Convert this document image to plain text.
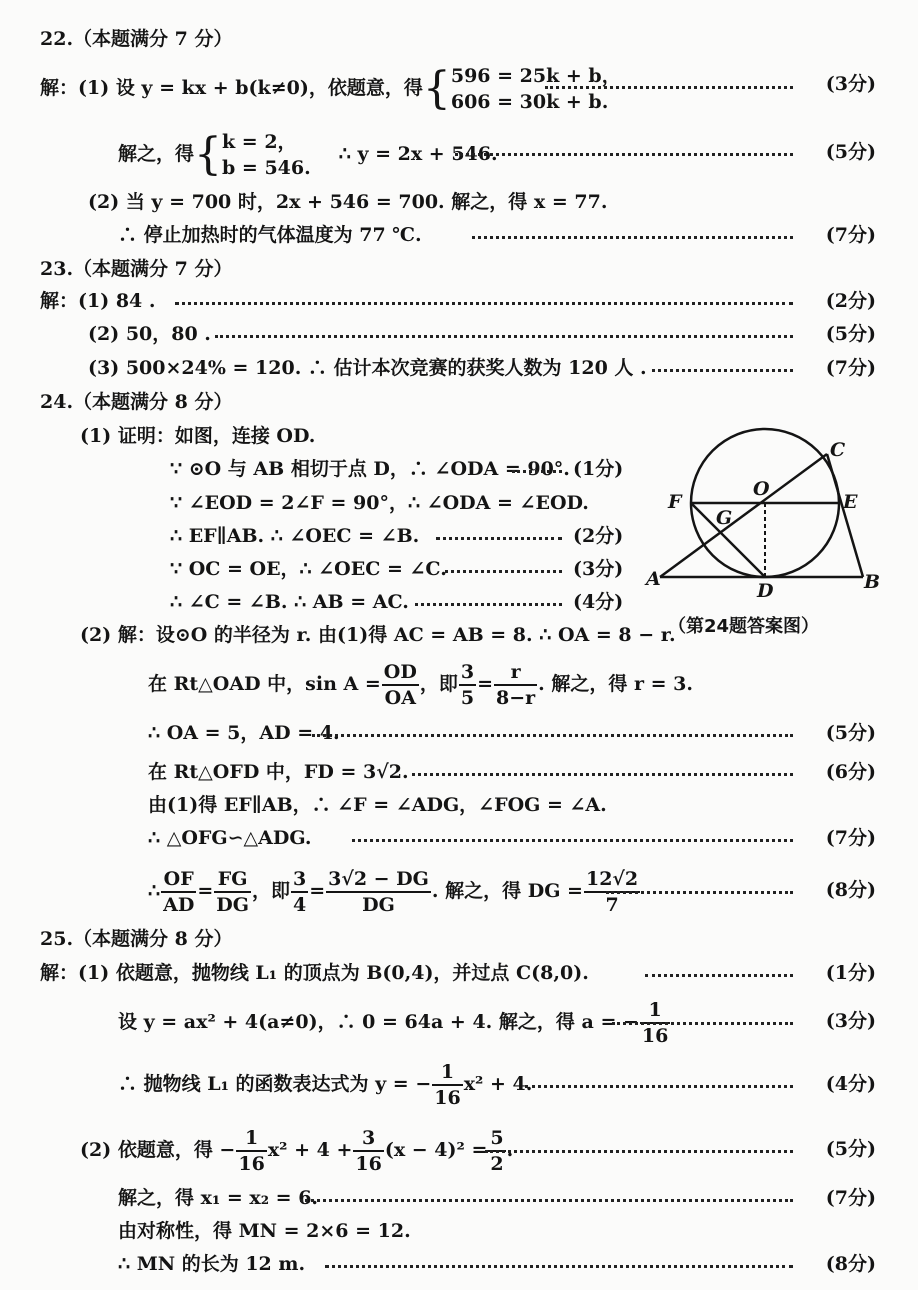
22.（本题满分 7 分）
解：(1) 设 y = kx + b(k≠0)，依题意，得{ 596 = 25k + b，
606 = 30k + b.
(3分)
解之，得{ k = 2，
b = 546.
∴ y = 2x + 546.	(5分)
(2) 当 y = 700 时，2x + 546 = 700. 解之，得 x = 77.
∴ 停止加热时的气体温度为 77 ℃.	(7分)
23.（本题满分 7 分）
解：(1) 84 .	(2分)
(2) 50，80 .	(5分)
(3) 500×24% = 120. ∴ 估计本次竞赛的获奖人数为 120 人 .	(7分)
24.（本题满分 8 分）
(1) 证明：如图，连接 OD.
∵ ⊙O 与 AB 相切于点 D，∴ ∠ODA = 90°. (1分)
∵ ∠EOD = 2∠F = 90°，∴ ∠ODA = ∠EOD.
∴ EF∥AB. ∴ ∠OEC = ∠B.	(2分)
∵ OC = OE，∴ ∠OEC = ∠C.	(3分)
∴ ∠C = ∠B. ∴ AB = AC.	(4分)
C
O
F	E
G
A
D	B
（第24题答案图）
(2) 解：设⊙O 的半径为 r. 由(1)得 AC = AB = 8. ∴ OA = 8 − r.
在 Rt△OAD 中，$\sin A = \frac{OD}{OA}$ ，即 $\frac{3}{5} = \frac{r}{8-r}$ . 解之，得 r = 3.
∴ OA = 5，AD = 4.	(5分)
在 Rt△OFD 中，FD = 3√2.	(6分)
由(1)得 EF∥AB，∴ ∠F = ∠ADG，∠FOG = ∠A.
∴ △OFG∽△ADG.	(7分)
∴ $\frac{OF}{AD} = \frac{FG}{DG}$ ，即 $\frac{3}{4} = \frac{3√2 - DG}{DG}$ . 解之，得 DG = $\frac{12√2}{7}$	(8分)
25.（本题满分 8 分）
解：(1) 依题意，抛物线 L₁ 的顶点为 B(0,4)，并过点 C(8,0).	(1分)
设 y = ax² + 4(a≠0)，∴ 0 = 64a + 4. 解之，得 a = − $\frac{1}{16}$	(3分)
∴ 抛物线 L₁ 的函数表达式为 y = − $\frac{1}{16} x^2 + 4$.	(4分)
(2) 依题意，得 − $\frac{1}{16} x^2 + 4 + \frac{3}{16} (x - 4)^2 = \frac{5}{2}$ .	(5分)
解之，得 x₁ = x₂ = 6.	(7分)
由对称性，得 MN = 2×6 = 12.
∴ MN 的长为 12 m.	(8分)
